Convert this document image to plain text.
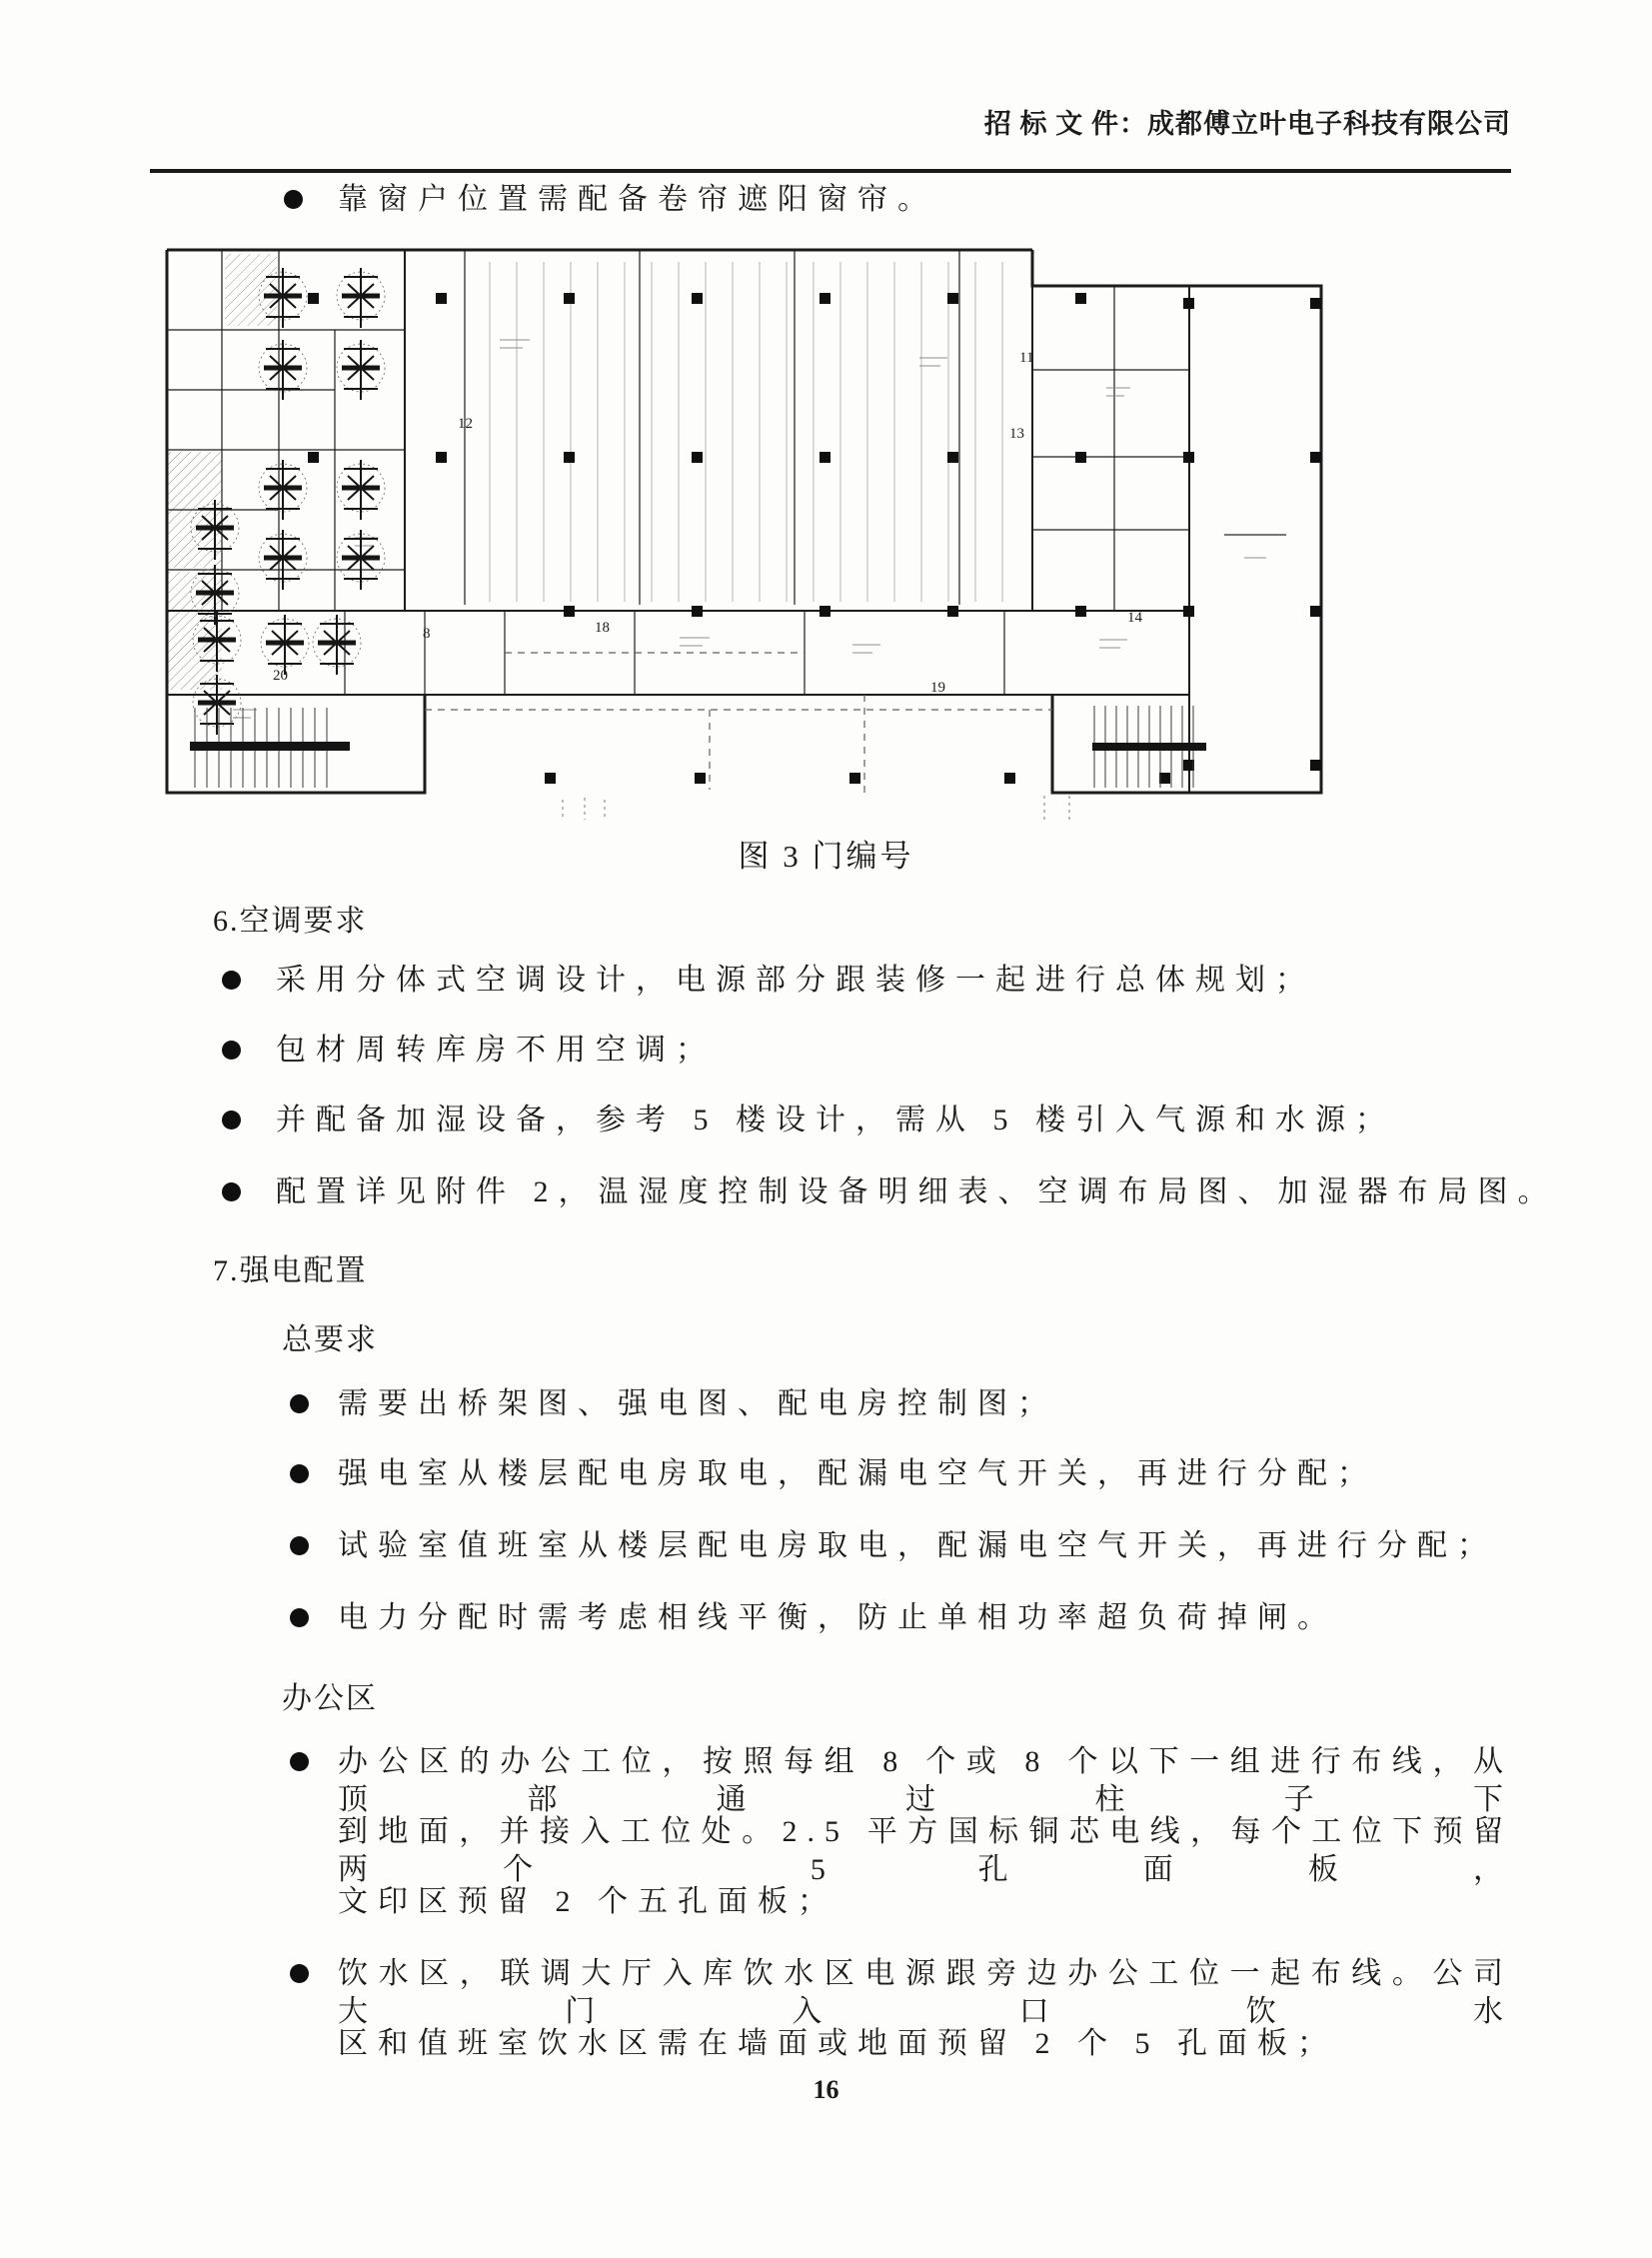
招 标 文 件：成都傅立叶电子科技有限公司
靠窗户位置需配备卷帘遮阳窗帘。
20
8
12
13
14
19
18
11
图 3 门编号
6.空调要求
采用分体式空调设计，电源部分跟装修一起进行总体规划；
包材周转库房不用空调；
并配备加湿设备，参考 5 楼设计，需从 5 楼引入气源和水源；
配置详见附件 2，温湿度控制设备明细表、空调布局图、加湿器布局图。
7.强电配置
总要求
需要出桥架图、强电图、配电房控制图；
强电室从楼层配电房取电，配漏电空气开关，再进行分配；
试验室值班室从楼层配电房取电，配漏电空气开关，再进行分配；
电力分配时需考虑相线平衡，防止单相功率超负荷掉闸。
办公区
办公区的办公工位，按照每组 8 个或 8 个以下一组进行布线，从顶部通过柱子下
到地面，并接入工位处。2.5 平方国标铜芯电线，每个工位下预留两个 5 孔面板，
文印区预留 2 个五孔面板；
饮水区，联调大厅入库饮水区电源跟旁边办公工位一起布线。公司大门入口饮水
区和值班室饮水区需在墙面或地面预留 2 个 5 孔面板；
16
